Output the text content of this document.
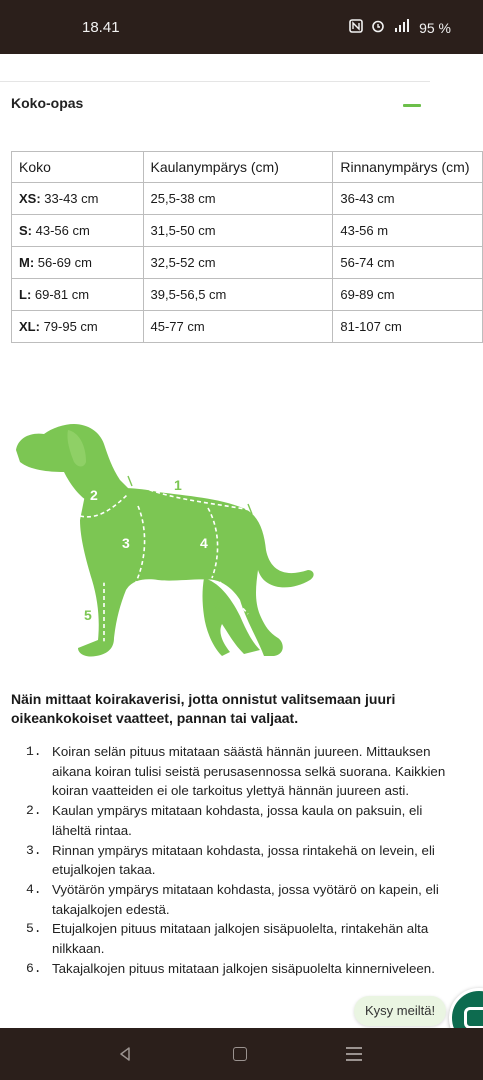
18.41	95 %
Koko-opas
Koko	Kaulanympärys (cm)	Rinnanympärys (cm)
XS: 33-43 cm	25,5-38 cm	36-43 cm
S: 43-56 cm	31,5-50 cm	43-56 m
M: 56-69 cm	32,5-52 cm	56-74 cm
L: 69-81 cm	39,5-56,5 cm	69-89 cm
XL: 79-95 cm	45-77 cm	81-107 cm
1
2
3	4
5
6
Näin mittaat koirakaverisi, jotta onnistut valitsemaan juuri oikeankokoiset vaatteet, pannan tai valjaat.
1. Koiran selän pituus mitataan säästä hännän juureen. Mittauksen aikana koiran tulisi seistä perusasennossa selkä suorana. Kaikkien koiran vaatteiden ei ole tarkoitus ylettyä hännän juureen asti.
2. Kaulan ympärys mitataan kohdasta, jossa kaula on paksuin, eli läheltä rintaa.
3. Rinnan ympärys mitataan kohdasta, jossa rintakehä on levein, eli etujalkojen takaa.
4. Vyötärön ympärys mitataan kohdasta, jossa vyötärö on kapein, eli takajalkojen edestä.
5. Etujalkojen pituus mitataan jalkojen sisäpuolelta, rintakehän alta nilkkaan.
6. Takajalkojen pituus mitataan jalkojen sisäpuolelta kinnerniveleen.
Kysy meiltä!
